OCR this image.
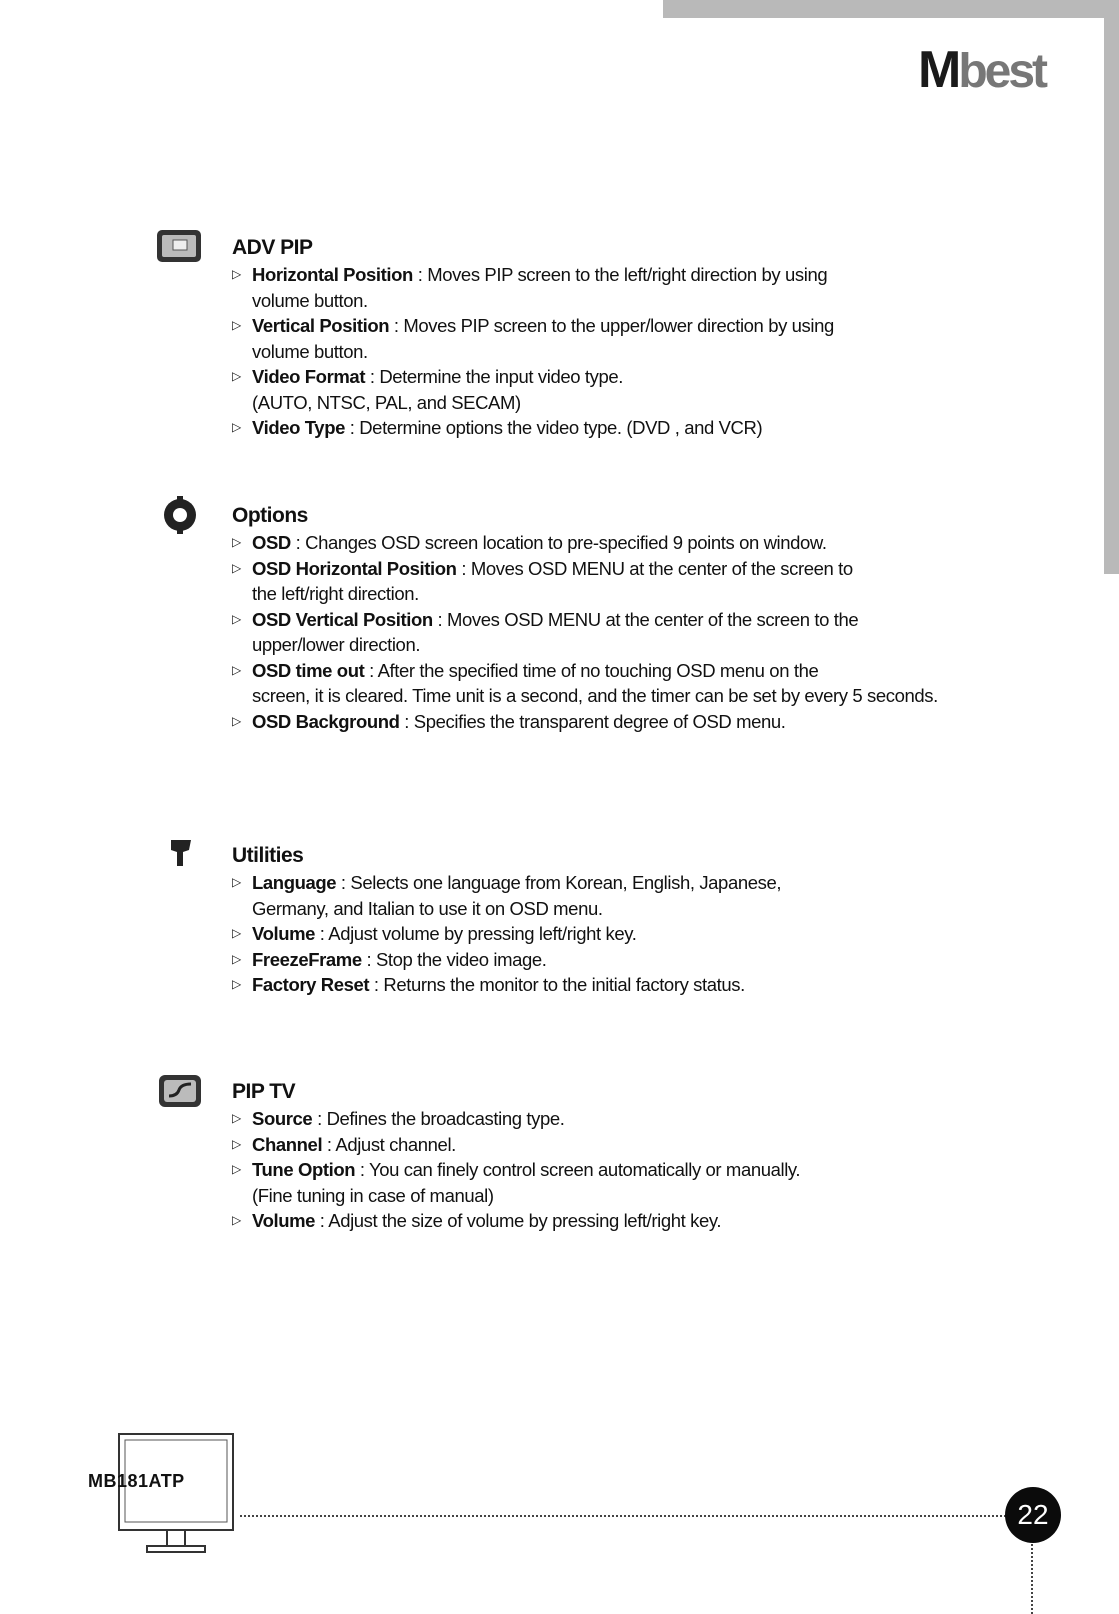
Mbest
ADV PIP
▷ Horizontal Position : Moves PIP screen to the left/right direction by using
volume button.
▷ Vertical Position : Moves PIP screen to the upper/lower direction by using
volume button.
▷ Video Format : Determine the input video type.
(AUTO, NTSC, PAL, and SECAM)
▷ Video Type : Determine options the video type. (DVD , and VCR)
Options
▷ OSD : Changes OSD screen location to pre-specified 9 points on window.
▷ OSD Horizontal Position : Moves OSD MENU at the center of the screen to
the left/right direction.
▷ OSD Vertical Position : Moves OSD MENU at the center of the screen to the
upper/lower direction.
▷ OSD time out : After the specified time of no touching OSD menu on the
screen, it is cleared. Time unit is a second, and the timer can be set by every 5 seconds.
▷ OSD Background : Specifies the transparent degree of OSD menu.
Utilities
▷ Language : Selects one language from Korean, English, Japanese,
Germany, and Italian to use it on OSD menu.
▷ Volume : Adjust volume by pressing left/right key.
▷ FreezeFrame : Stop the video image.
▷ Factory Reset : Returns the monitor to the initial factory status.
PIP TV
▷ Source : Defines the broadcasting type.
▷ Channel : Adjust channel.
▷ Tune Option : You can finely control screen automatically or manually.
(Fine tuning in case of manual)
▷ Volume : Adjust the size of volume by pressing left/right key.
MB181ATP
22
